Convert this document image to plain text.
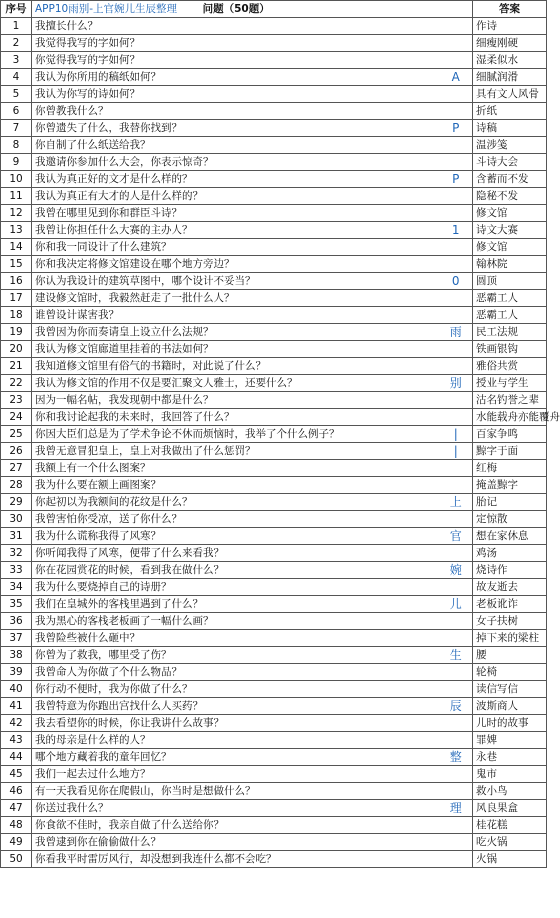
序号	APP10雨别-上官婉儿生辰整理 问题（50题）		答案
1	我擅长什么？		作诗
2	我觉得我写的字如何？		细瘦刚硬
3	你觉得我写的字如何？		湿柔似水
4	我认为你所用的稿纸如何？	A	细腻润滑
5	我认为你写的诗如何？		具有文人风骨
6	你曾教我什么？		折纸
7	你曾遗失了什么，我替你找到？	P	诗稿
8	你自制了什么纸送给我？		温涉笺
9	我邀请你参加什么大会，你表示惊奇？		斗诗大会
10	我认为真正好的文才是什么样的？	P	含蓄而不发
11	我认为真正有大才的人是什么样的？		隐秘不发
12	我曾在哪里见到你和群臣斗诗？		修文馆
13	我曾让你担任什么大赛的主办人？	1	诗文大赛
14	你和我一同设计了什么建筑？		修文馆
15	你和我决定将修文馆建设在哪个地方旁边？		翰林院
16	你认为我设计的建筑草图中，哪个设计不妥当？	0	圆顶
17	建设修文馆时，我毅然赶走了一批什么人？		恶霸工人
18	谁曾设计谋害我？		恶霸工人
19	我曾因为你而奏请皇上设立什么法规？	雨	民工法规
20	我认为修文馆廊道里挂着的书法如何？		铁画银钩
21	我知道修文馆里有俗气的书籍时，对此说了什么？		雅俗共赏
22	我认为修文馆的作用不仅是要汇聚文人雅士，还要什么？	别	授业与学生
23	因为一幅名帖，我发现朝中都是什么？		沽名钓誉之辈
24	你和我讨论起我的未来时，我回答了什么？		水能载舟亦能覆舟
25	你因大臣们总是为了学术争论不休而烦恼时，我举了个什么例子？	|	百家争鸣
26	我曾无意冒犯皇上，皇上对我做出了什么惩罚？	|	黥字于面
27	我额上有一个什么图案？		红梅
28	我为什么要在额上画图案？		掩盖黥字
29	你起初以为我额间的花纹是什么？	上	胎记
30	我曾害怕你受凉，送了你什么？		定惊散
31	我为什么谎称我得了风寒？	官	想在家休息
32	你听闻我得了风寒，便带了什么来看我？		鸡汤
33	你在花园赏花的时候，看到我在做什么？	婉	烧诗作
34	我为什么要烧掉自己的诗册？		故友逝去
35	我们在皇城外的客栈里遇到了什么？	儿	老板讹诈
36	我为黑心的客栈老板画了一幅什么画？		女子扶树
37	我曾险些被什么砸中？		掉下来的梁柱
38	你曾为了救我，哪里受了伤？	生	腰
39	我曾命人为你做了个什么物品？		轮椅
40	你行动不便时，我为你做了什么？		读信写信
41	我曾特意为你跑出宫找什么人买药？	辰	波斯商人
42	我去看望你的时候，你让我讲什么故事？		儿时的故事
43	我的母亲是什么样的人？		罪婢
44	哪个地方藏着我的童年回忆？	整	永巷
45	我们一起去过什么地方？		鬼市
46	有一天我看见你在爬假山，你当时是想做什么？		救小鸟
47	你送过我什么？	理	风良果盒
48	你食欲不佳时，我亲自做了什么送给你？		桂花糕
49	我曾逮到你在偷偷做什么？		吃火锅
50	你看我平时雷厉风行，却没想到我连什么都不会吃？		火锅
